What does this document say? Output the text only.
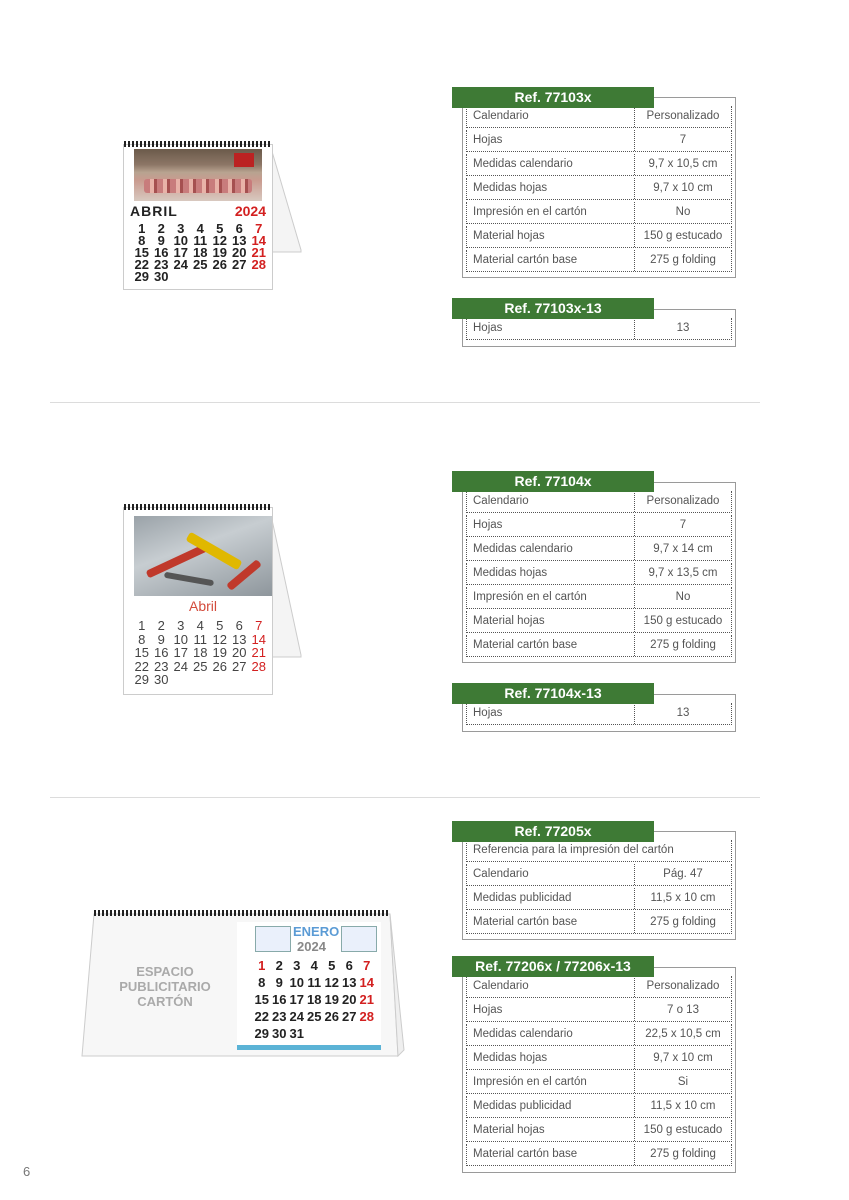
ABRIL	2024
1 2 3 4 5 6 7
8 9 10 11 12 13 14
15 16 17 18 19 20 21
22 23 24 25 26 27 28
29 30
Ref. 77103x
Calendario	Personalizado
Hojas	7
Medidas calendario	9,7 x 10,5 cm
Medidas hojas	9,7 x 10 cm
Impresión en el cartón	No
Material hojas	150 g estucado
Material cartón base	275 g folding
Ref. 77103x-13
Hojas	13
Abril
1 2 3 4 5 6 7
8 9 10 11 12 13 14
15 16 17 18 19 20 21
22 23 24 25 26 27 28
29 30
Ref. 77104x
Calendario	Personalizado
Hojas	7
Medidas calendario	9,7 x 14 cm
Medidas hojas	9,7 x 13,5 cm
Impresión en el cartón	No
Material hojas	150 g estucado
Material cartón base	275 g folding
Ref. 77104x-13
Hojas	13
ESPACIO
PUBLICITARIO
CARTÓN
ENERO
2024
1 2 3 4 5 6 7
8 9 10 11 12 13 14
15 16 17 18 19 20 21
22 23 24 25 26 27 28
29 30 31
Ref. 77205x
Referencia para la impresión del cartón
Calendario	Pág. 47
Medidas publicidad	11,5 x 10 cm
Material cartón base	275 g folding
Ref. 77206x / 77206x-13
Calendario	Personalizado
Hojas	7 o 13
Medidas calendario	22,5 x 10,5 cm
Medidas hojas	9,7 x 10 cm
Impresión en el cartón	Si
Medidas publicidad	11,5 x 10 cm
Material hojas	150 g estucado
Material cartón base	275 g folding
6
